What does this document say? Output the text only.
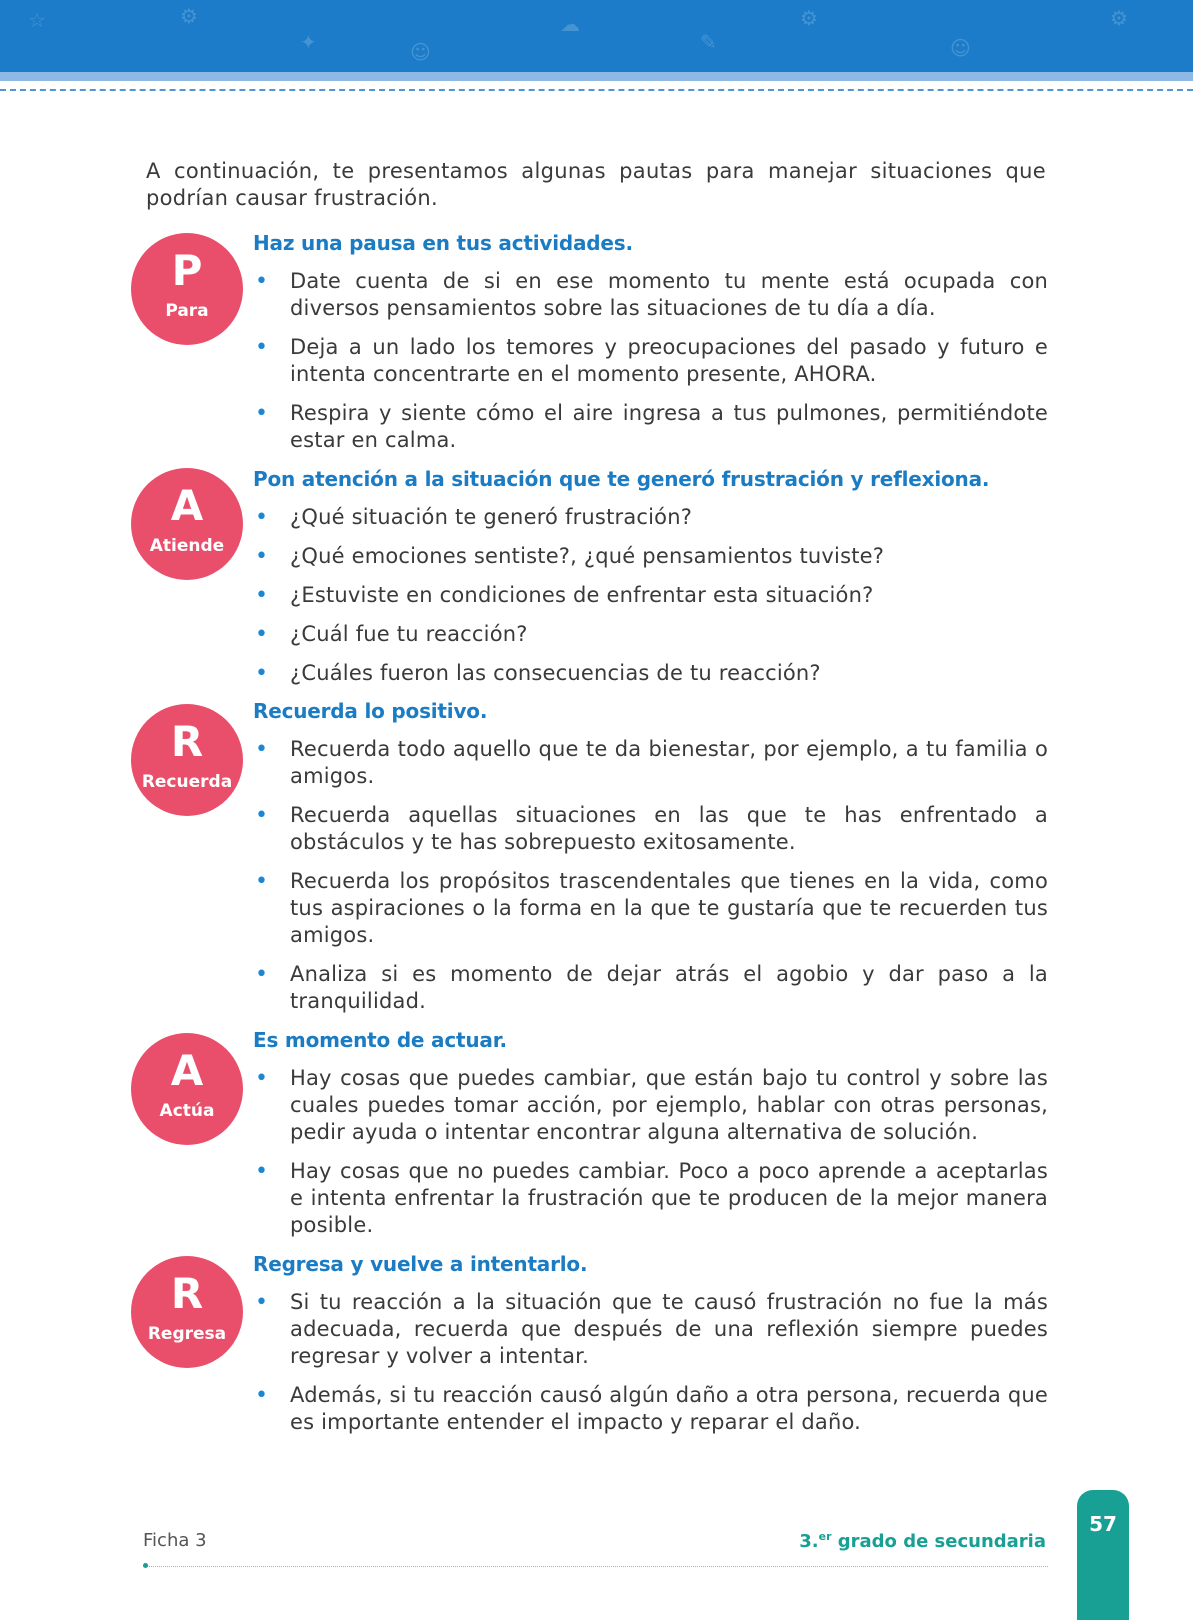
☆	⚙
✦	☺
☁
✎
⚙
☺
⚙
A continuación, te presentamos algunas pautas para manejar situaciones que podrían causar frustración.
P
Para
Haz una pausa en tus actividades.
• Date cuenta de si en ese momento tu mente está ocupada con diversos pensamientos sobre las situaciones de tu día a día.
• Deja a un lado los temores y preocupaciones del pasado y futuro e intenta concentrarte en el momento presente, AHORA.
• Respira y siente cómo el aire ingresa a tus pulmones, permitiéndote estar en calma.
A
Atiende
Pon atención a la situación que te generó frustración y reflexiona.
• ¿Qué situación te generó frustración?
• ¿Qué emociones sentiste?, ¿qué pensamientos tuviste?
• ¿Estuviste en condiciones de enfrentar esta situación?
• ¿Cuál fue tu reacción?
• ¿Cuáles fueron las consecuencias de tu reacción?
R
Recuerda
Recuerda lo positivo.
• Recuerda todo aquello que te da bienestar, por ejemplo, a tu familia o amigos.
• Recuerda aquellas situaciones en las que te has enfrentado a obstáculos y te has sobrepuesto exitosamente.
• Recuerda los propósitos trascendentales que tienes en la vida, como tus aspiraciones o la forma en la que te gustaría que te recuerden tus amigos.
• Analiza si es momento de dejar atrás el agobio y dar paso a la tranquilidad.
A
Actúa
Es momento de actuar.
• Hay cosas que puedes cambiar, que están bajo tu control y sobre las cuales puedes tomar acción, por ejemplo, hablar con otras personas, pedir ayuda o intentar encontrar alguna alternativa de solución.
• Hay cosas que no puedes cambiar. Poco a poco aprende a aceptarlas e intenta enfrentar la frustración que te producen de la mejor manera posible.
R
Regresa
Regresa y vuelve a intentarlo.
• Si tu reacción a la situación que te causó frustración no fue la más adecuada, recuerda que después de una reflexión siempre puedes regresar y volver a intentar.
• Además, si tu reacción causó algún daño a otra persona, recuerda que es importante entender el impacto y reparar el daño.
Ficha 3	3.$^{er}$ grado de secundaria
57
